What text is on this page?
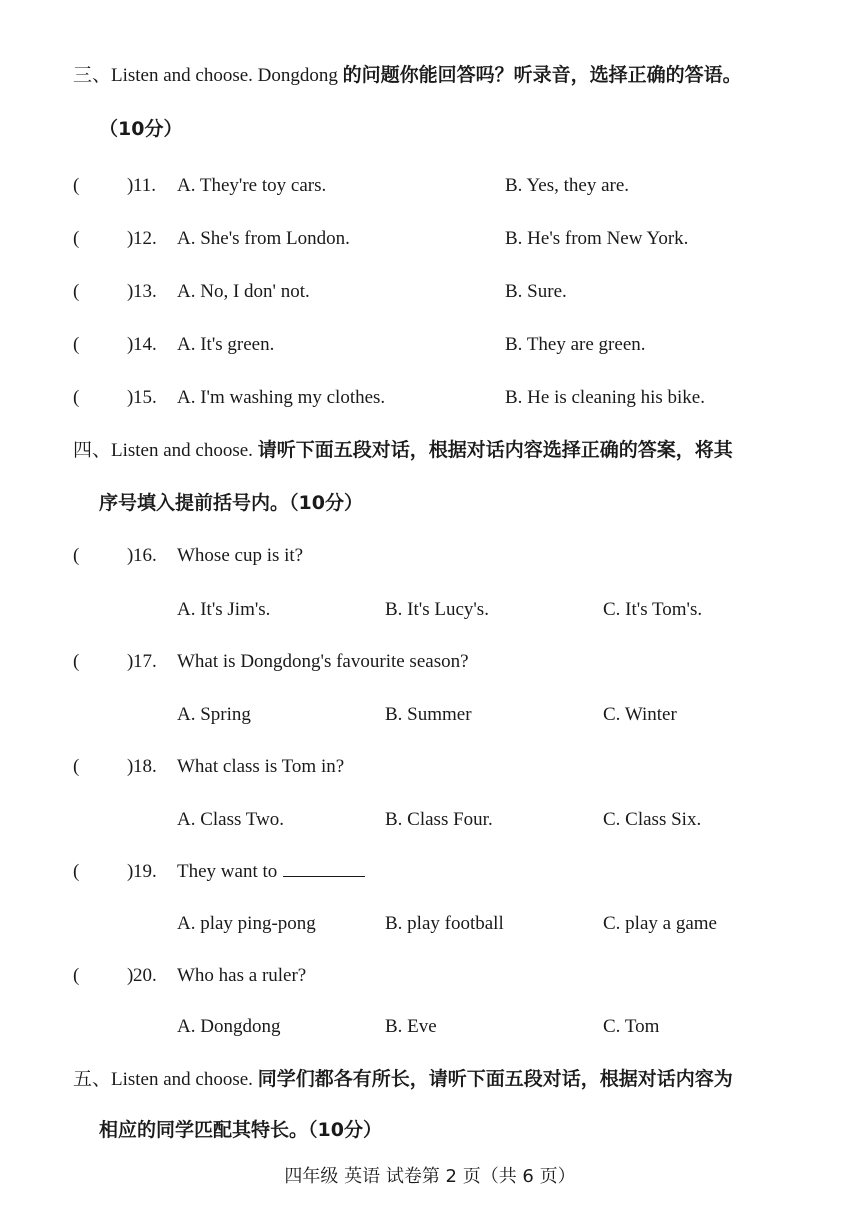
三、Listen and choose. Dongdong 的问题你能回答吗？听录音，选择正确的答语。
（10分）
(	) 11. A. They're toy cars.	B. Yes, they are.
(	) 12. A. She's from London.	B. He's from New York.
(	) 13. A. No, I don' not.	B. Sure.
(	) 14. A. It's green.	B. They are green.
(	) 15. A. I'm washing my clothes.	B. He is cleaning his bike.
四、Listen and choose. 请听下面五段对话，根据对话内容选择正确的答案，将其
序号填入提前括号内。（10分）
(	) 16. Whose cup is it?
A. It's Jim's.	B. It's Lucy's.	C. It's Tom's.
(	) 17. What is Dongdong's favourite season?
A. Spring	B. Summer	C. Winter
(	) 18. What class is Tom in?
A. Class Two.	B. Class Four.	C. Class Six.
(	) 19. They want to
A. play ping-pong	B. play football	C. play a game
(	) 20. Who has a ruler?
A. Dongdong	B. Eve	C. Tom
五、Listen and choose. 同学们都各有所长，请听下面五段对话，根据对话内容为
相应的同学匹配其特长。（10分）
四年级 英语 试卷第 2 页（共 6 页）
